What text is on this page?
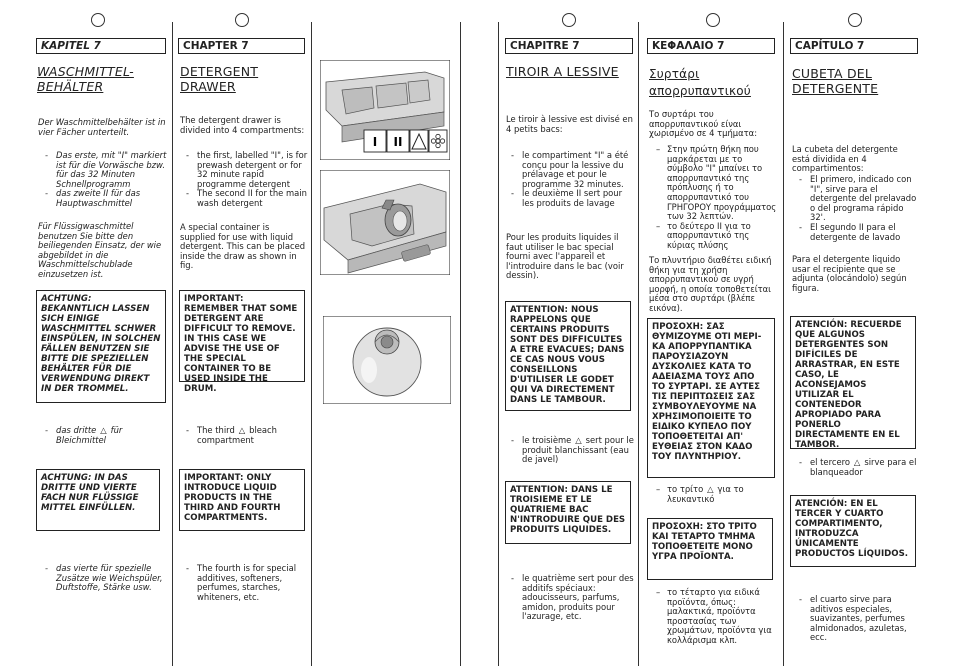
KAPITEL 7
WASCHMITTEL-BEHÄLTER
Der Waschmittelbehälter ist in vier Fächer unterteilt.
- Das erste, mit "I" markiert ist für die Vorwäsche bzw. für das 32 Minuten Schnellprogramm
- das zweite II für das Hauptwaschmittel
Für Flüssigwaschmittel benutzen Sie bitte den beiliegenden Einsatz, der wie abgebildet in die Waschmittelschublade einzusetzen ist.
ACHTUNG: BEKANNTLICH LASSEN SICH EINIGE WASCHMITTEL SCHWER EINSPÜLEN, IN SOLCHEN FÄLLEN BENUTZEN SIE BITTE DIE SPEZIELLEN BEHÄLTER FÜR DIE VERWENDUNG DIREKT IN DER TROMMEL.
- das dritte △ für Bleichmittel
ACHTUNG: IN DAS DRITTE UND VIERTE FACH NUR FLÜSSIGE MITTEL EINFÜLLEN.
- das vierte für spezielle Zusätze wie Weichspüler, Duftstoffe, Stärke usw.
CHAPTER 7
DETERGENT DRAWER
The detergent drawer is divided into 4 compartments:
- the first, labelled "I", is for prewash detergent or for 32 minute rapid programme detergent
- The second II for the main wash detergent
A special container is supplied for use with liquid detergent. This can be placed inside the draw as shown in fig.
IMPORTANT: REMEMBER THAT SOME DETERGENT ARE DIFFICULT TO REMOVE. IN THIS CASE WE ADVISE THE USE OF THE SPECIAL CONTAINER TO BE USED INSIDE THE DRUM.
- The third △ bleach compartment
IMPORTANT: ONLY INTRODUCE LIQUID PRODUCTS IN THE THIRD AND FOURTH COMPARTMENTS.
- The fourth is for special additives, softeners, perfumes, starches, whiteners, etc.
I II
CHAPITRE 7
TIROIR A LESSIVE
Le tiroir à lessive est divisé en 4 petits bacs:
- le compartiment "I" a été conçu pour la lessive du prélavage et pour le programme 32 minutes.
- le deuxième II sert pour les produits de lavage
Pour les produits liquides il faut utiliser le bac special fourni avec l'appareil et l'introduire dans le bac (voir dessin).
ATTENTION: NOUS RAPPELONS QUE CERTAINS PRODUITS SONT DES DIFFICULTES A ETRE EVACUES; DANS CE CAS NOUS VOUS CONSEILLONS D'UTILISER LE GODET QUI VA DIRECTEMENT DANS LE TAMBOUR.
- le troisième △ sert pour le produit blanchissant (eau de javel)
ATTENTION: DANS LE TROISIEME ET LE QUATRIEME BAC N'INTRODUIRE QUE DES PRODUITS LIQUIDES.
- le quatrième sert pour des additifs spéciaux: adoucisseurs, parfums, amidon, produits pour l'azurage, etc.
ΚΕΦΑΛΑΙΟ 7
Συρτάρι απορρυπαντικού
Το συρτάρι του απορρυπαντικού είναι χωρισμένο σε 4 τμήματα:
– Στην πρώτη θήκη που μαρκάρεται με το σύμβολο "I" μπαίνει το απορρυπαντικό της πρόπλυσης ή το απορρυπαντικό του ΓΡΗΓΟΡΟΥ προγράμματος των 32 λεπτών.
– το δεύτερο II για το απορρυπαντικό της κύριας πλύσης
Το πλυντήριο διαθέτει ειδική θήκη για τη χρήση απορρυπαντικού σε υγρή μορφή, η οποία τοποθετείται μέσα στο συρτάρι (βλέπε εικόνα).
ΠΡΟΣΟΧΗ: ΣΑΣ ΘΥΜΙΖΟΥΜΕ ΟΤΙ ΜΕΡΙ- ΚΑ ΑΠΟΡΡΥΠΑΝΤΙΚΑ ΠΑΡΟΥΣΙΑΖΟΥΝ ΔΥΣΚΟΛΙΕΣ ΚΑΤΑ ΤΟ ΑΔΕΙΑΣΜΑ ΤΟΥΣ ΑΠΟ ΤΟ ΣΥΡΤΑΡΙ. ΣΕ ΑΥΤΕΣ ΤΙΣ ΠΕΡΙΠΤΩΣΕΙΣ ΣΑΣ ΣΥΜΒΟΥΛΕΥΟΥΜΕ ΝΑ ΧΡΗΣΙΜΟΠΟΙΕΙΤΕ ΤΟ ΕΙΔΙΚΟ ΚΥΠΕΛΟ ΠΟΥ ΤΟΠΟΘΕΤΕΙΤΑΙ ΑΠ' ΕΥΘΕΙΑΣ ΣΤΟΝ ΚΑΔΟ ΤΟΥ ΠΛΥΝΤΗΡΙΟΥ.
– το τρίτο △ για το λευκαντικό
ΠΡΟΣΟΧΗ: ΣΤΟ ΤΡΙΤΟ ΚΑΙ ΤΕΤΑΡΤΟ ΤΜΗΜΑ ΤΟΠΟΘΕΤΕΙΤΕ ΜΟΝΟ ΥΓΡΑ ΠΡΟΪΟΝΤΑ.
– το τέταρτο για ειδικά προϊόντα, όπως: μαλακτικά, προϊόντα προστασίας των χρωμάτων, προϊόντα για κολλάρισμα κλπ.
CAPÍTULO 7
CUBETA DEL DETERGENTE
La cubeta del detergente está dividida en 4 compartimentos:
- El primero, indicado con "I", sirve para el detergente del prelavado o del programa rápido 32'.
- El segundo II para el detergente de lavado
Para el detergente liquido usar el recipiente que se adjunta (olocándolo) según figura.
ATENCIÓN: RECUERDE QUE ALGUNOS DETERGENTES SON DIFÍCILES DE ARRASTRAR, EN ESTE CASO, LE ACONSEJAMOS UTILIZAR EL CONTENEDOR APROPIADO PARA PONERLO DIRECTAMENTE EN EL TAMBOR.
- el tercero △ sirve para el blanqueador
ATENCIÓN: EN EL TERCER Y CUARTO COMPARTIMENTO, INTRODUZCA ÚNICAMENTE PRODUCTOS LÍQUIDOS.
- el cuarto sirve para aditivos especiales, suavizantes, perfumes almidonados, azuletas, ecc.
